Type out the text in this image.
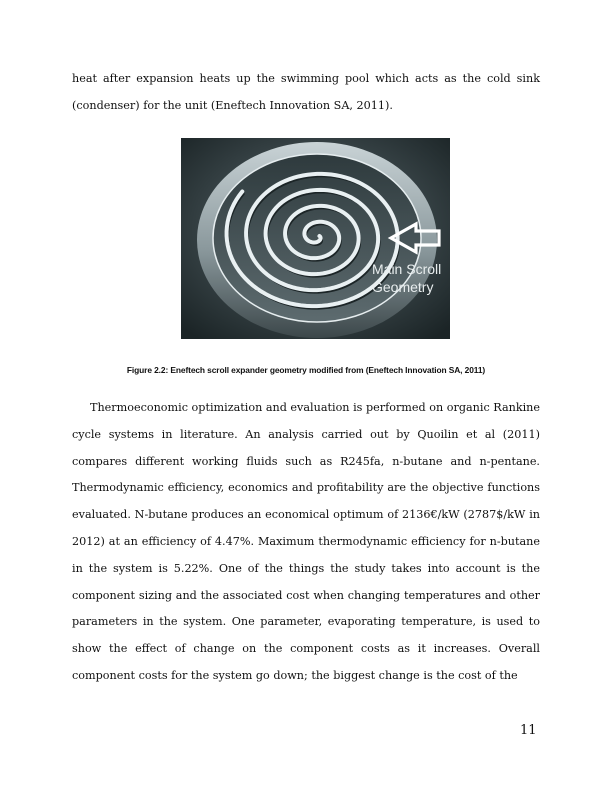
heat after expansion heats up the swimming pool which acts as the cold sink (condenser) for the unit (Eneftech Innovation SA, 2011).

Main Scroll
Geometry
Figure 2.2: Eneftech scroll expander geometry modified from (Eneftech Innovation SA, 2011)

Thermoeconomic optimization and evaluation is performed on organic Rankine cycle systems in literature. An analysis carried out by Quoilin et al (2011) compares different working fluids such as R245fa, n-butane and n-pentane. Thermodynamic efficiency, economics and profitability are the objective functions evaluated. N-butane produces an economical optimum of 2136€/kW (2787$/kW in 2012) at an efficiency of 4.47%. Maximum thermodynamic efficiency for n-butane in the system is 5.22%. One of the things the study takes into account is the component sizing and the associated cost when changing temperatures and other parameters in the system. One parameter, evaporating temperature, is used to show the effect of change on the component costs as it increases. Overall component costs for the system go down; the biggest change is the cost of the

11
